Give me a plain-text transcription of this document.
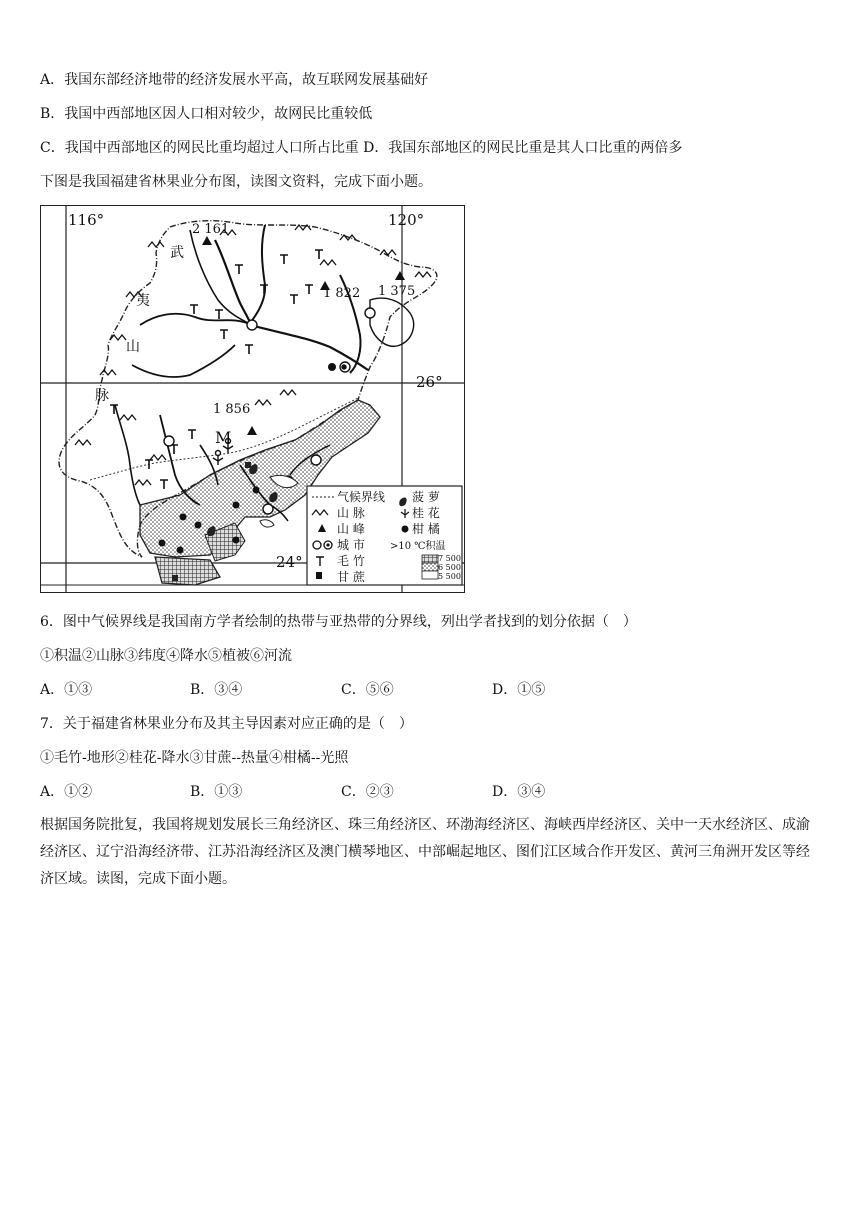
A．我国东部经济地带的经济发展水平高，故互联网发展基础好
B．我国中西部地区因人口相对较少，故网民比重较低
C．我国中西部地区的网民比重均超过人口所占比重 D．我国东部地区的网民比重是其人口比重的两倍多
下图是我国福建省林果业分布图，读图文资料，完成下面小题。
116°	120°
26°
24°
武
夷
山
脉
2 161
1 822 1 375
1 856
M
气候界线 菠 萝
山 脉	桂 花
山 峰	柑 橘
城 市	>10 ℃积温
毛 竹
甘 蔗
7 500
6 500
5 500
6．图中气候界线是我国南方学者绘制的热带与亚热带的分界线，列出学者找到的划分依据（　）
①积温②山脉③纬度④降水⑤植被⑥河流
A．①③	B．③④	C．⑤⑥	D．①⑤
7．关于福建省林果业分布及其主导因素对应正确的是（　）
①毛竹-地形②桂花-降水③甘蔗--热量④柑橘--光照
A．①②	B．①③	C．②③	D．③④
根据国务院批复，我国将规划发展长三角经济区、珠三角经济区、环渤海经济区、海峡西岸经济区、关中一天水经济区、成渝经济区、辽宁沿海经济带、江苏沿海经济区及澳门横琴地区、中部崛起地区、图们江区域合作开发区、黄河三角洲开发区等经济区域。读图，完成下面小题。
